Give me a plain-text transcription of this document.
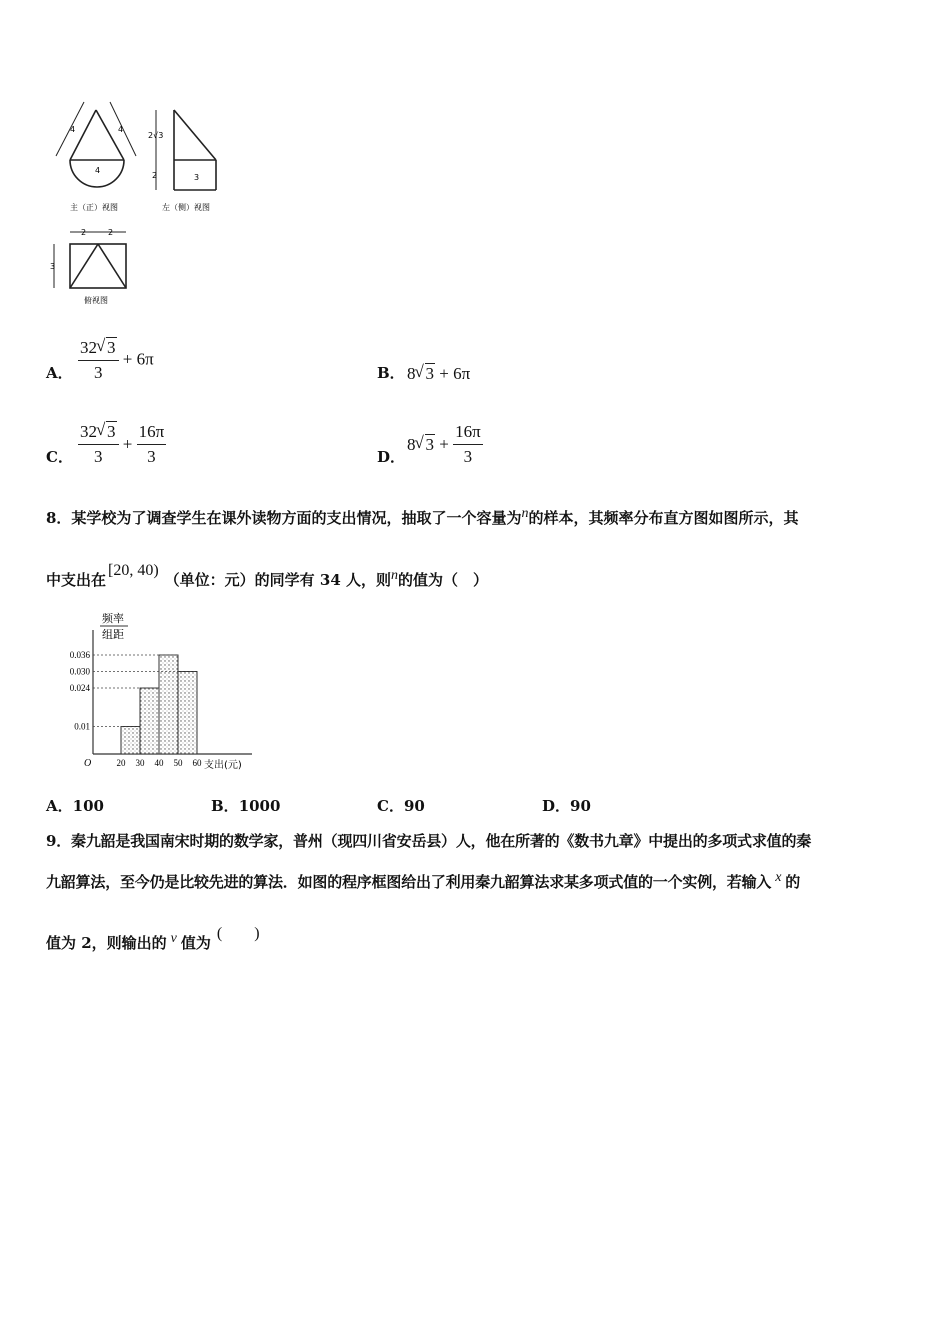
4	4
4
主（正）视图
2√3
2	3
左（侧）视图
2	2
3
俯视图
A． $\frac{32 √ 3}{3} + 6\pi$
B． 8 √ 3 + 6π
C． $\frac{32 √ 3}{3} + \frac{16\pi}{3}$	D．
8 √ $3 + \frac{16\pi}{3}$
8．某学校为了调查学生在课外读物方面的支出情况，抽取了一个容量为$^n$的样本，其频率分布直方图如图所示，其
中支出在[20, 40)（单位：元）的同学有 34 人，则$^n$的值为（　）
频率
组距
0.036
0.030
0.024
0.01
20 30 40 50 60
O	支出(元)
A．100	B．1000	C．90	D．90
9．秦九韶是我国南宋时期的数学家，普州（现四川省安岳县）人，他在所著的《数书九章》中提出的多项式求值的秦
九韶算法，至今仍是比较先进的算法．如图的程序框图给出了利用秦九韶算法求某多项式值的一个实例，若输入 $^x$ 的
值为 2，则输出的 $^v$ 值为(　　)
